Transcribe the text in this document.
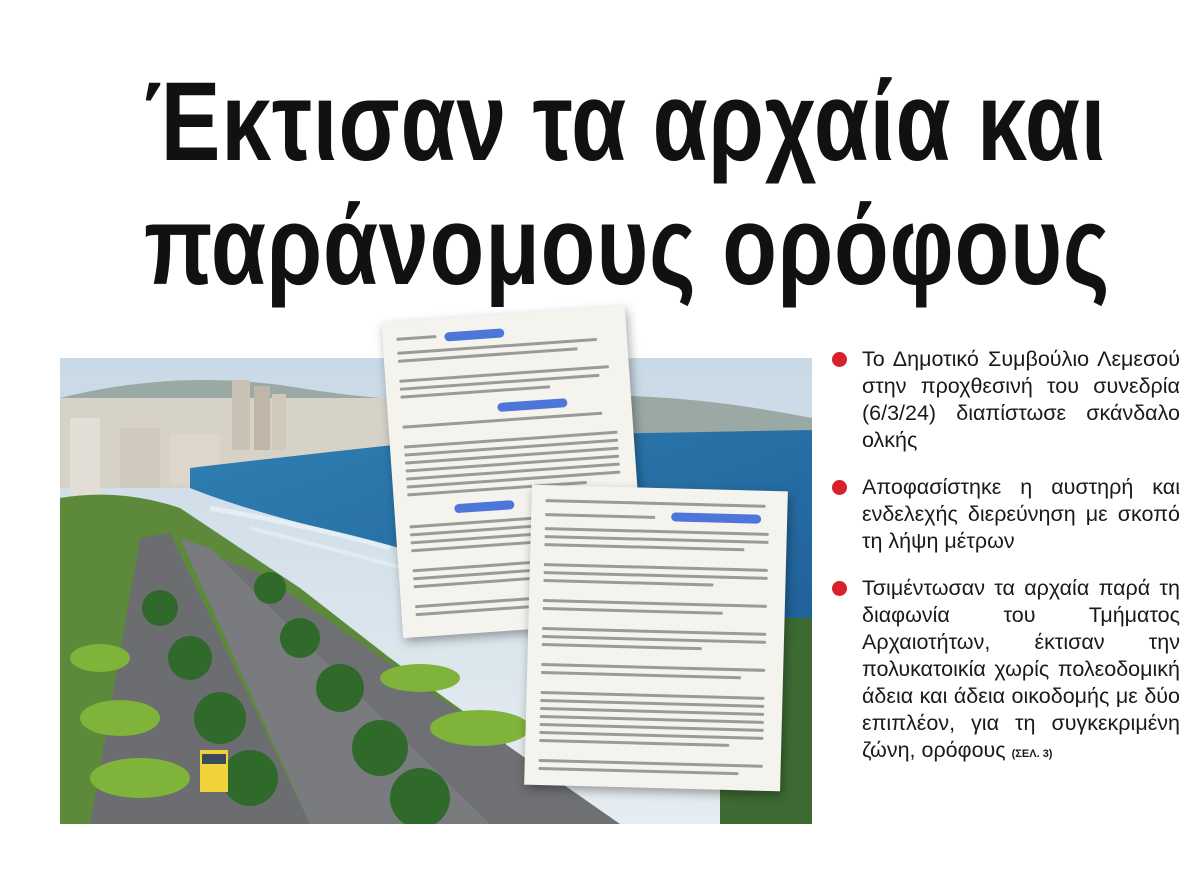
Έκτισαν τα αρχαία και
παράνομους ορόφους
Το Δημοτικό Συμβούλιο Λεμεσού στην προχθεσινή του συνεδρία (6/3/24) διαπίστωσε σκάνδαλο ολκής
Αποφασίστηκε η αυστηρή και ενδελεχής διερεύνηση με σκοπό τη λήψη μέτρων
Τσιμέντωσαν τα αρχαία παρά τη διαφωνία του Τμήματος Αρχαιοτήτων, έκτισαν την πολυκατοικία χωρίς πολεοδομική άδεια και άδεια οικοδομής με δύο επιπλέον, για τη συγκεκριμένη ζώνη, ορόφους (ΣΕΛ. 3)
